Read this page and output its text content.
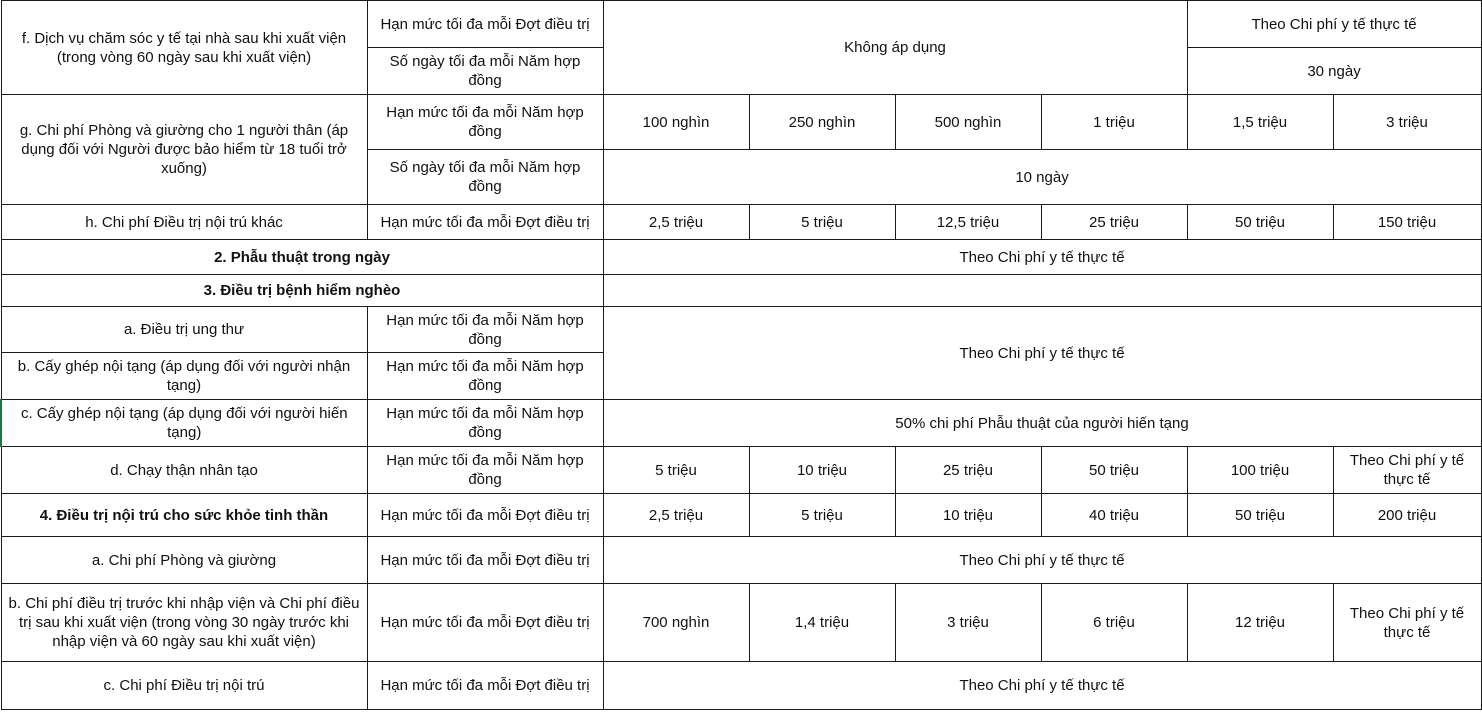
f. Dịch vụ chăm sóc y tế tại nhà sau khi xuất viện (trong vòng 60 ngày sau khi xuất viện)	Hạn mức tối đa mỗi Đợt điều trị	Không áp dụng				Theo Chi phí y tế thực tế	
	Số ngày tối đa mỗi Năm hợp đồng					30 ngày	
g. Chi phí Phòng và giường cho 1 người thân (áp dụng đối với Người được bảo hiểm từ 18 tuổi trở xuống)	Hạn mức tối đa mỗi Năm hợp đồng	100 nghìn	250 nghìn	500 nghìn	1 triệu	1,5 triệu	3 triệu
	Số ngày tối đa mỗi Năm hợp đồng	10 ngày					
h. Chi phí Điều trị nội trú khác	Hạn mức tối đa mỗi Đợt điều trị	2,5 triệu	5 triệu	12,5 triệu	25 triệu	50 triệu	150 triệu
2. Phẫu thuật trong ngày		Theo Chi phí y tế thực tế					
3. Điều trị bệnh hiểm nghèo							
a. Điều trị ung thư	Hạn mức tối đa mỗi Năm hợp đồng	Theo Chi phí y tế thực tế					
b. Cấy ghép nội tạng (áp dụng đối với người nhận tạng)	Hạn mức tối đa mỗi Năm hợp đồng						
c. Cấy ghép nội tạng (áp dụng đối với người hiến tạng)	Hạn mức tối đa mỗi Năm hợp đồng	50% chi phí Phẫu thuật của người hiến tạng					
d. Chạy thận nhân tạo	Hạn mức tối đa mỗi Năm hợp đồng	5 triệu	10 triệu	25 triệu	50 triệu	100 triệu	Theo Chi phí y tế thực tế
4. Điều trị nội trú cho sức khỏe tinh thần	Hạn mức tối đa mỗi Đợt điều trị	2,5 triệu	5 triệu	10 triệu	40 triệu	50 triệu	200 triệu
a. Chi phí Phòng và giường	Hạn mức tối đa mỗi Đợt điều trị	Theo Chi phí y tế thực tế					
b. Chi phí điều trị trước khi nhập viện và Chi phí điều trị sau khi xuất viện (trong vòng 30 ngày trước khi nhập viện và 60 ngày sau khi xuất viện)	Hạn mức tối đa mỗi Đợt điều trị	700 nghìn	1,4 triệu	3 triệu	6 triệu	12 triệu	Theo Chi phí y tế thực tế
c. Chi phí Điều trị nội trú	Hạn mức tối đa mỗi Đợt điều trị	Theo Chi phí y tế thực tế					
